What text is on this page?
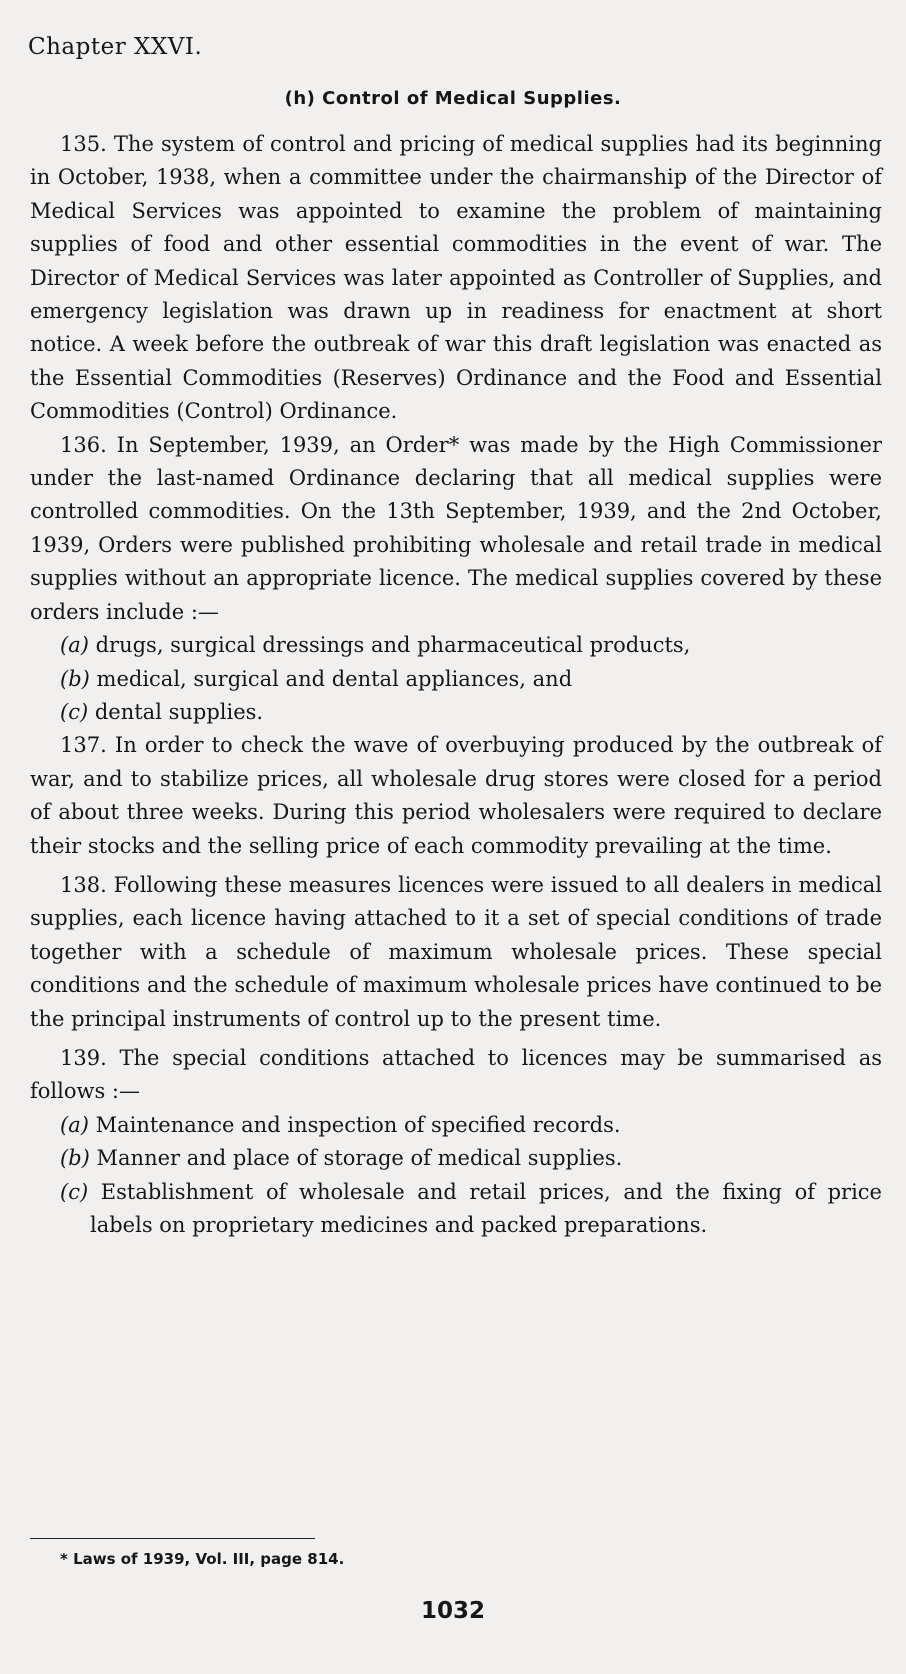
Chapter XXVI.
(h) Control of Medical Supplies.

135. The system of control and pricing of medical supplies had its beginning in October, 1938, when a committee under the chairmanship of the Director of Medical Services was appointed to examine the problem of maintaining supplies of food and other essential commodities in the event of war. The Director of Medical Services was later appointed as Controller of Supplies, and emergency legislation was drawn up in readiness for enactment at short notice. A week before the outbreak of war this draft legislation was enacted as the Essential Commodities (Reserves) Ordinance and the Food and Essential Commodities (Control) Ordinance.

136. In September, 1939, an Order* was made by the High Commissioner under the last-named Ordinance declaring that all medical supplies were controlled commodities. On the 13th September, 1939, and the 2nd October, 1939, Orders were published prohibiting wholesale and retail trade in medical supplies without an appropriate licence. The medical supplies covered by these orders include :—

(a) drugs, surgical dressings and pharmaceutical products,

(b) medical, surgical and dental appliances, and

(c) dental supplies.

137. In order to check the wave of overbuying produced by the outbreak of war, and to stabilize prices, all wholesale drug stores were closed for a period of about three weeks. During this period wholesalers were required to declare their stocks and the selling price of each commodity prevailing at the time.

138. Following these measures licences were issued to all dealers in medical supplies, each licence having attached to it a set of special conditions of trade together with a schedule of maximum wholesale prices. These special conditions and the schedule of maximum wholesale prices have continued to be the principal instruments of control up to the present time.

139. The special conditions attached to licences may be summarised as follows :—

(a) Maintenance and inspection of specified records.

(b) Manner and place of storage of medical supplies.

(c) Establishment of wholesale and retail prices, and the fixing of price labels on proprietary medicines and packed preparations.

* Laws of 1939, Vol. III, page 814.
1032
